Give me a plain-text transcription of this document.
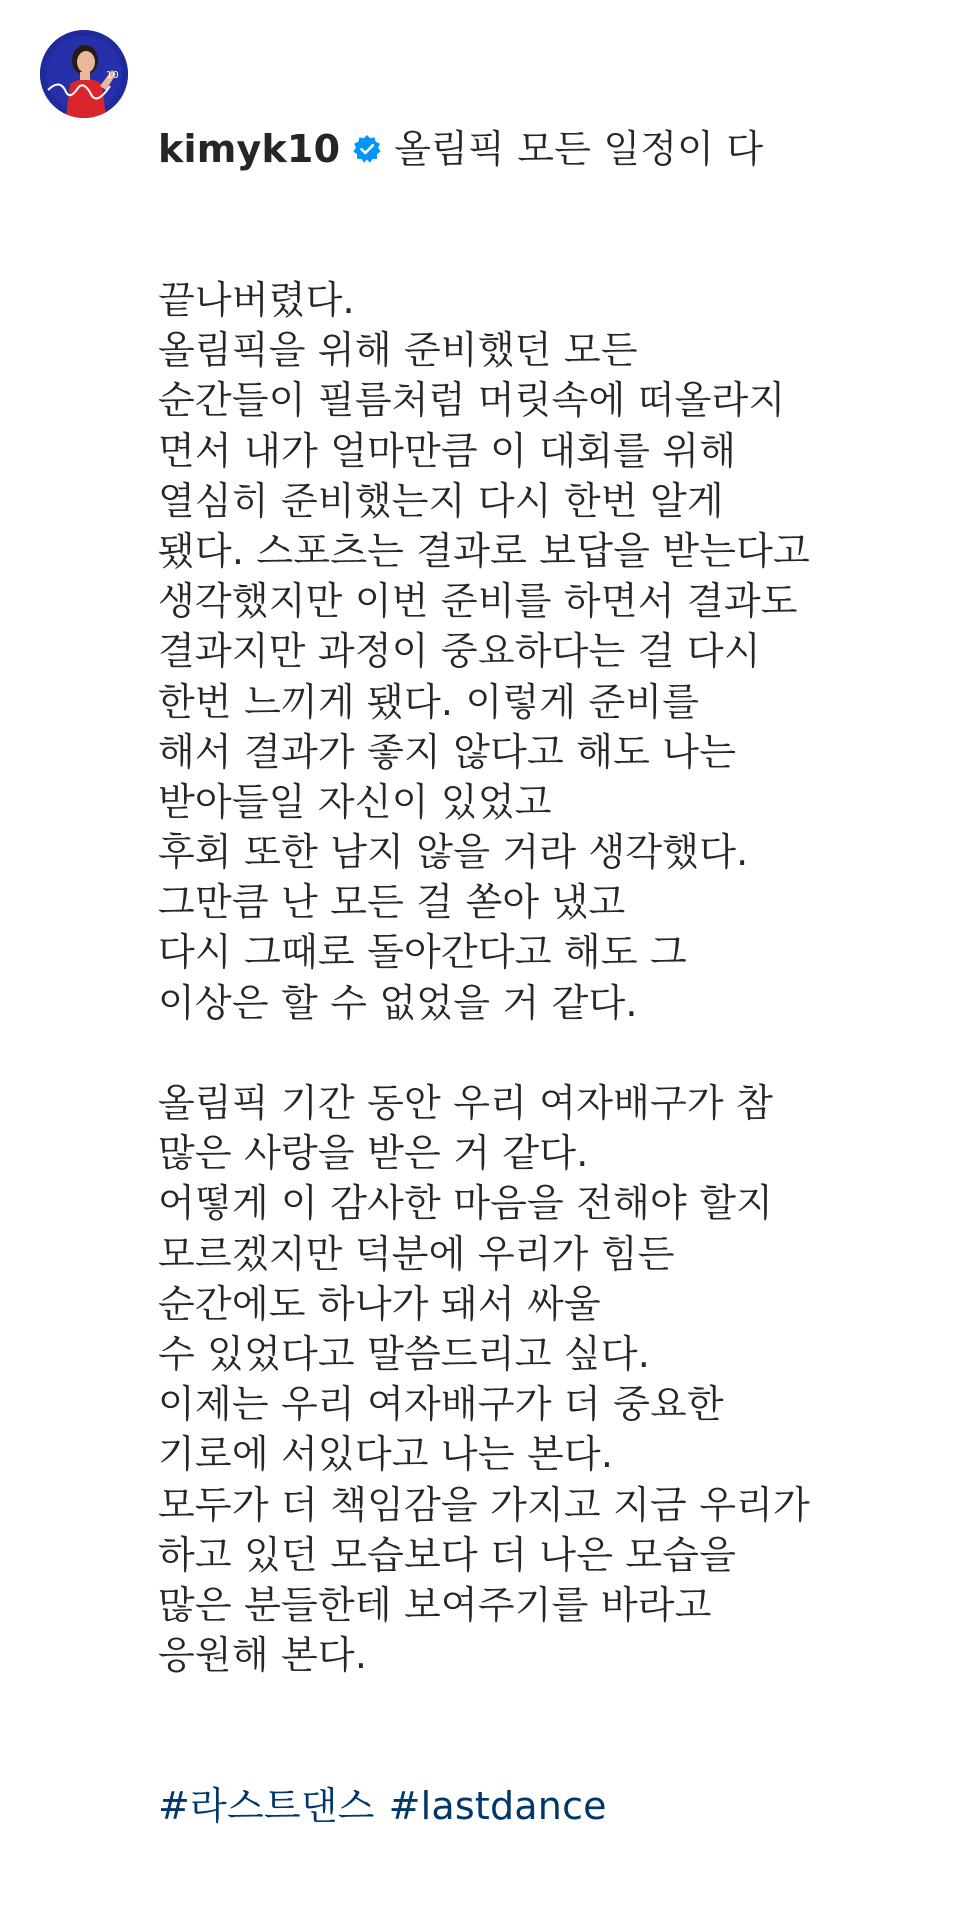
10

kimyk10 올림픽 모든 일정이 다

끝나버렸다.
올림픽을 위해 준비했던 모든
순간들이 필름처럼 머릿속에 떠올라지
면서 내가 얼마만큼 이 대회를 위해
열심히 준비했는지 다시 한번 알게
됐다. 스포츠는 결과로 보답을 받는다고
생각했지만 이번 준비를 하면서 결과도
결과지만 과정이 중요하다는 걸 다시
한번 느끼게 됐다. 이렇게 준비를
해서 결과가 좋지 않다고 해도 나는
받아들일 자신이 있었고
후회 또한 남지 않을 거라 생각했다.
그만큼 난 모든 걸 쏟아 냈고
다시 그때로 돌아간다고 해도 그
이상은 할 수 없었을 거 같다.
올림픽 기간 동안 우리 여자배구가 참
많은 사랑을 받은 거 같다.
어떻게 이 감사한 마음을 전해야 할지
모르겠지만 덕분에 우리가 힘든
순간에도 하나가 돼서 싸울
수 있었다고 말씀드리고 싶다.
이제는 우리 여자배구가 더 중요한
기로에 서있다고 나는 본다.
모두가 더 책임감을 가지고 지금 우리가
하고 있던 모습보다 더 나은 모습을
많은 분들한테 보여주기를 바라고
응원해 본다.

#라스트댄스 #lastdance
